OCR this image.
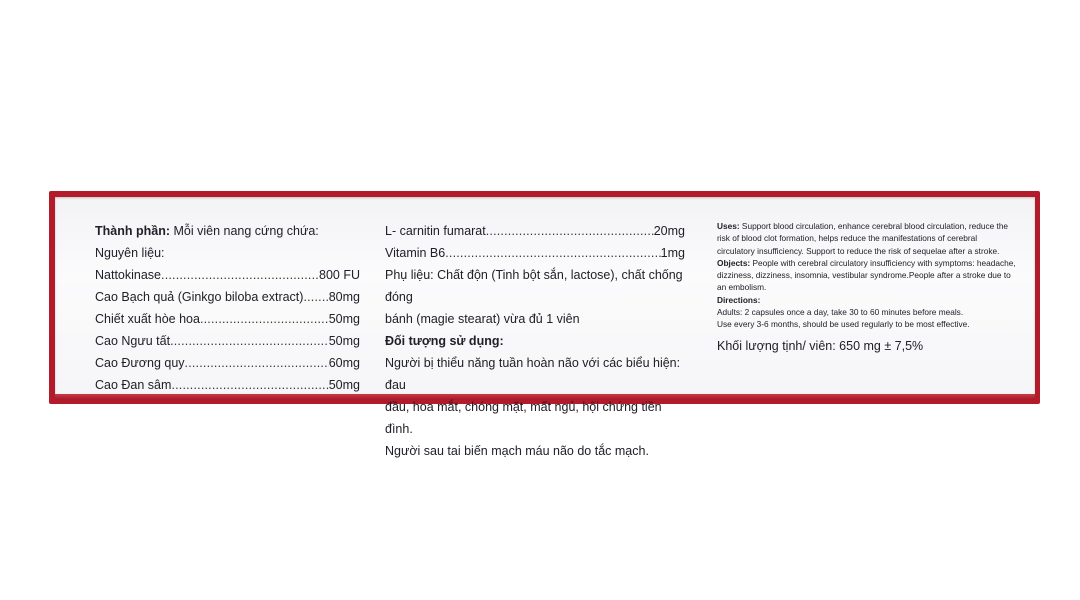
Thành phần:
Mỗi viên nang cứng chứa:
Nguyên liệu:
Nattokinase .....	800 FU
Cao Bạch quả (Ginkgo biloba extract) ..... 80mg
Chiết xuất hòe hoa .....	50mg
Cao Ngưu tất .....	50mg
Cao Đương quy .....	60mg
Cao Đan sâm .....	50mg
L- carnitin fumarat .....	20mg
Vitamin B6 .....	1mg
Phụ liệu: Chất độn (Tinh bột sắn, lactose), chất chống đóng
bánh (magie stearat) vừa đủ 1 viên
Đối tượng sử dụng:
Người bị thiểu năng tuần hoàn não với các biểu hiện: đau
đầu, hoa mắt, chóng mặt, mất ngủ, hội chứng tiền đình.
Người sau tai biến mạch máu não do tắc mạch.

Uses: Support blood circulation, enhance cerebral blood circulation, reduce the risk of blood clot formation, helps reduce the manifestations of cerebral circulatory insufficiency. Support to reduce the risk of sequelae after a stroke.

Objects: People with cerebral circulatory insufficiency with symptoms: headache, dizziness, dizziness, insomnia, vestibular syndrome.People after a stroke due to an embolism.

Directions:

Adults: 2 capsules once a day, take 30 to 60 minutes before meals.

Use every 3-6 months, should be used regularly to be most effective.

Khối lượng tịnh/ viên: 650 mg ± 7,5%
